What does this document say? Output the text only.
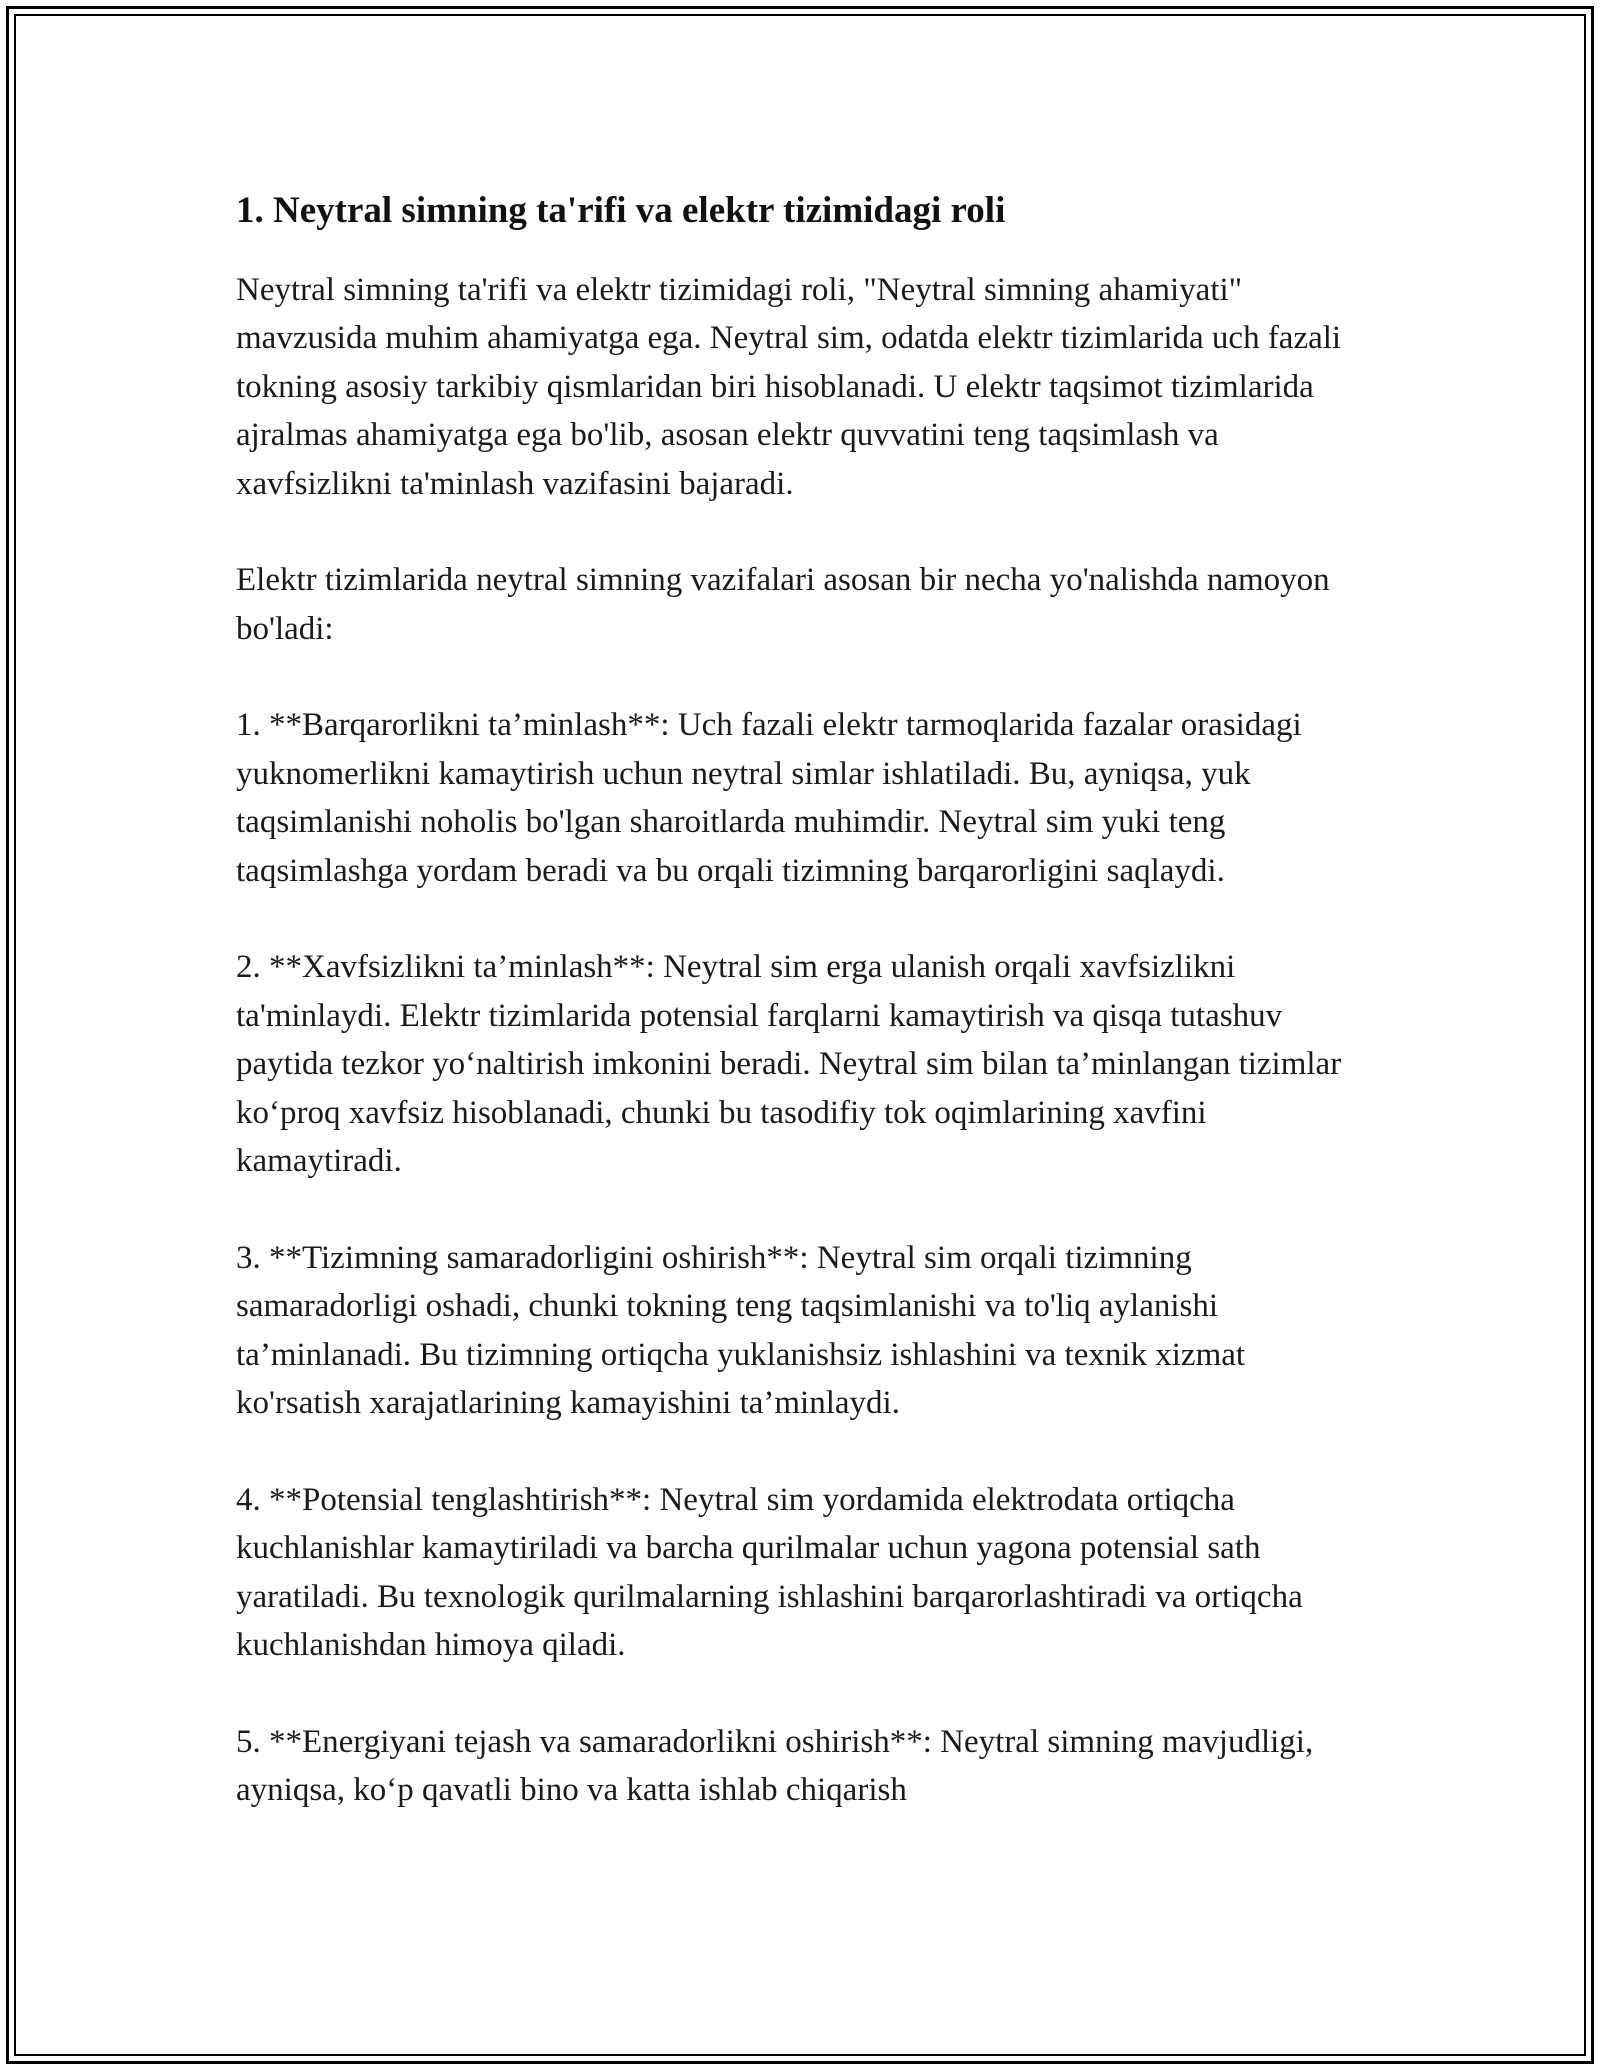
1. Neytral simning ta'rifi va elektr tizimidagi roli

Neytral simning ta'rifi va elektr tizimidagi roli, "Neytral simning ahamiyati" mavzusida muhim ahamiyatga ega. Neytral sim, odatda elektr tizimlarida uch fazali tokning asosiy tarkibiy qismlaridan biri hisoblanadi. U elektr taqsimot tizimlarida ajralmas ahamiyatga ega bo'lib, asosan elektr quvvatini teng taqsimlash va xavfsizlikni ta'minlash vazifasini bajaradi.

Elektr tizimlarida neytral simning vazifalari asosan bir necha yo'nalishda namoyon bo'ladi:

1. **Barqarorlikni ta’minlash**: Uch fazali elektr tarmoqlarida fazalar orasidagi yuknomerlikni kamaytirish uchun neytral simlar ishlatiladi. Bu, ayniqsa, yuk taqsimlanishi noholis bo'lgan sharoitlarda muhimdir. Neytral sim yuki teng taqsimlashga yordam beradi va bu orqali tizimning barqarorligini saqlaydi.

2. **Xavfsizlikni ta’minlash**: Neytral sim erga ulanish orqali xavfsizlikni ta'minlaydi. Elektr tizimlarida potensial farqlarni kamaytirish va qisqa tutashuv paytida tezkor yo‘naltirish imkonini beradi. Neytral sim bilan ta’minlangan tizimlar ko‘proq xavfsiz hisoblanadi, chunki bu tasodifiy tok oqimlarining xavfini kamaytiradi.

3. **Tizimning samaradorligini oshirish**: Neytral sim orqali tizimning samaradorligi oshadi, chunki tokning teng taqsimlanishi va to'liq aylanishi ta’minlanadi. Bu tizimning ortiqcha yuklanishsiz ishlashini va texnik xizmat ko'rsatish xarajatlarining kamayishini ta’minlaydi.

4. **Potensial tenglashtirish**: Neytral sim yordamida elektrodata ortiqcha kuchlanishlar kamaytiriladi va barcha qurilmalar uchun yagona potensial sath yaratiladi. Bu texnologik qurilmalarning ishlashini barqarorlashtiradi va ortiqcha kuchlanishdan himoya qiladi.

5. **Energiyani tejash va samaradorlikni oshirish**: Neytral simning mavjudligi, ayniqsa, ko‘p qavatli bino va katta ishlab chiqarish
